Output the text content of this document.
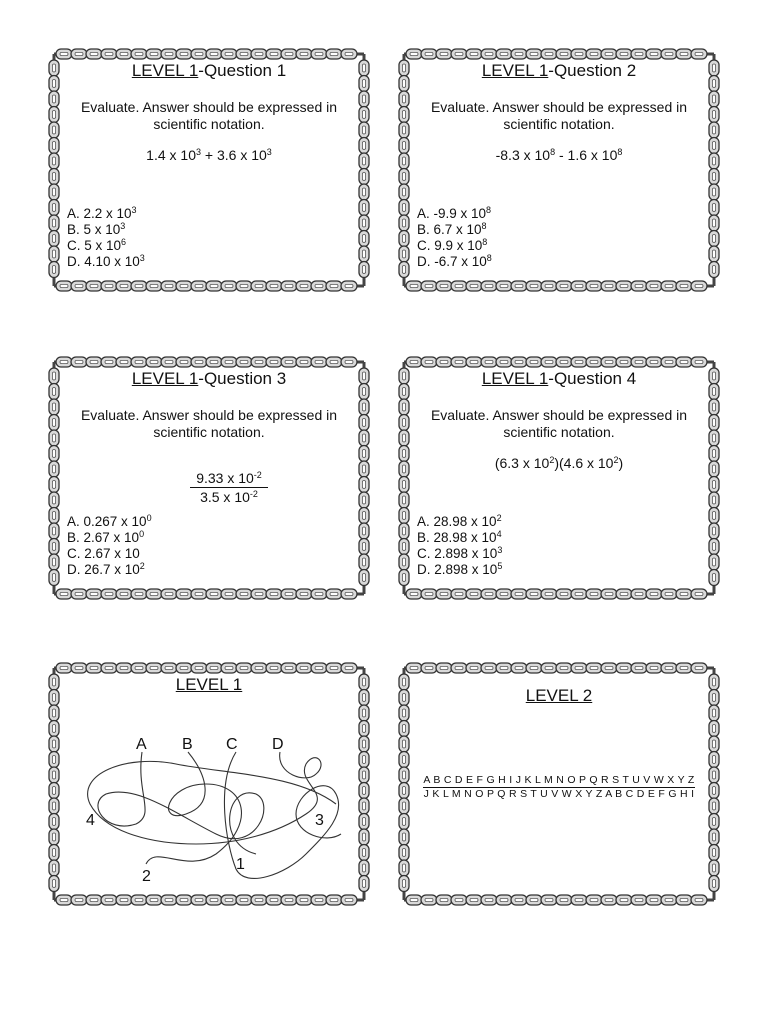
LEVEL 1-Question 1
Evaluate. Answer should be expressed in scientific notation.
1.4 x $10^3 + 3.6$ x $10^3$
A. 2.2 x $10^3$
B. 5 x $10^3$
C. 5 x $10^6$
D. 4.10 x $10^3$
LEVEL 1-Question 2
Evaluate. Answer should be expressed in scientific notation.
-8.3 x $10^8 - 1.6$ x $10^8$
A. -9.9 x $10^8$
B. 6.7 x $10^8$
C. 9.9 x $10^8$
D. -6.7 x $10^8$
LEVEL 1-Question 3
Evaluate. Answer should be expressed in scientific notation.
$\frac{9.33 x 10^{-2}}{3.5 x 10^{-2}}$
A. 0.267 x $10^0$
B. 2.67 x $10^0$
C. 2.67 x 10
D. 26.7 x $10^2$
LEVEL 1-Question 4
Evaluate. Answer should be expressed in scientific notation.
(6.3 x $10^2)(4.6$ x $10^2$)
A. 28.98 x $10^2$
B. 28.98 x $10^4$
C. 2.898 x $10^3$
D. 2.898 x $10^5$
LEVEL 1
A B C D
4	3
2
1
LEVEL 2
A B C D E F G H I J K L M N O P Q R S T U V W X Y Z
J K L M N O P Q R S T U V W X Y Z A B C D E F G H I
